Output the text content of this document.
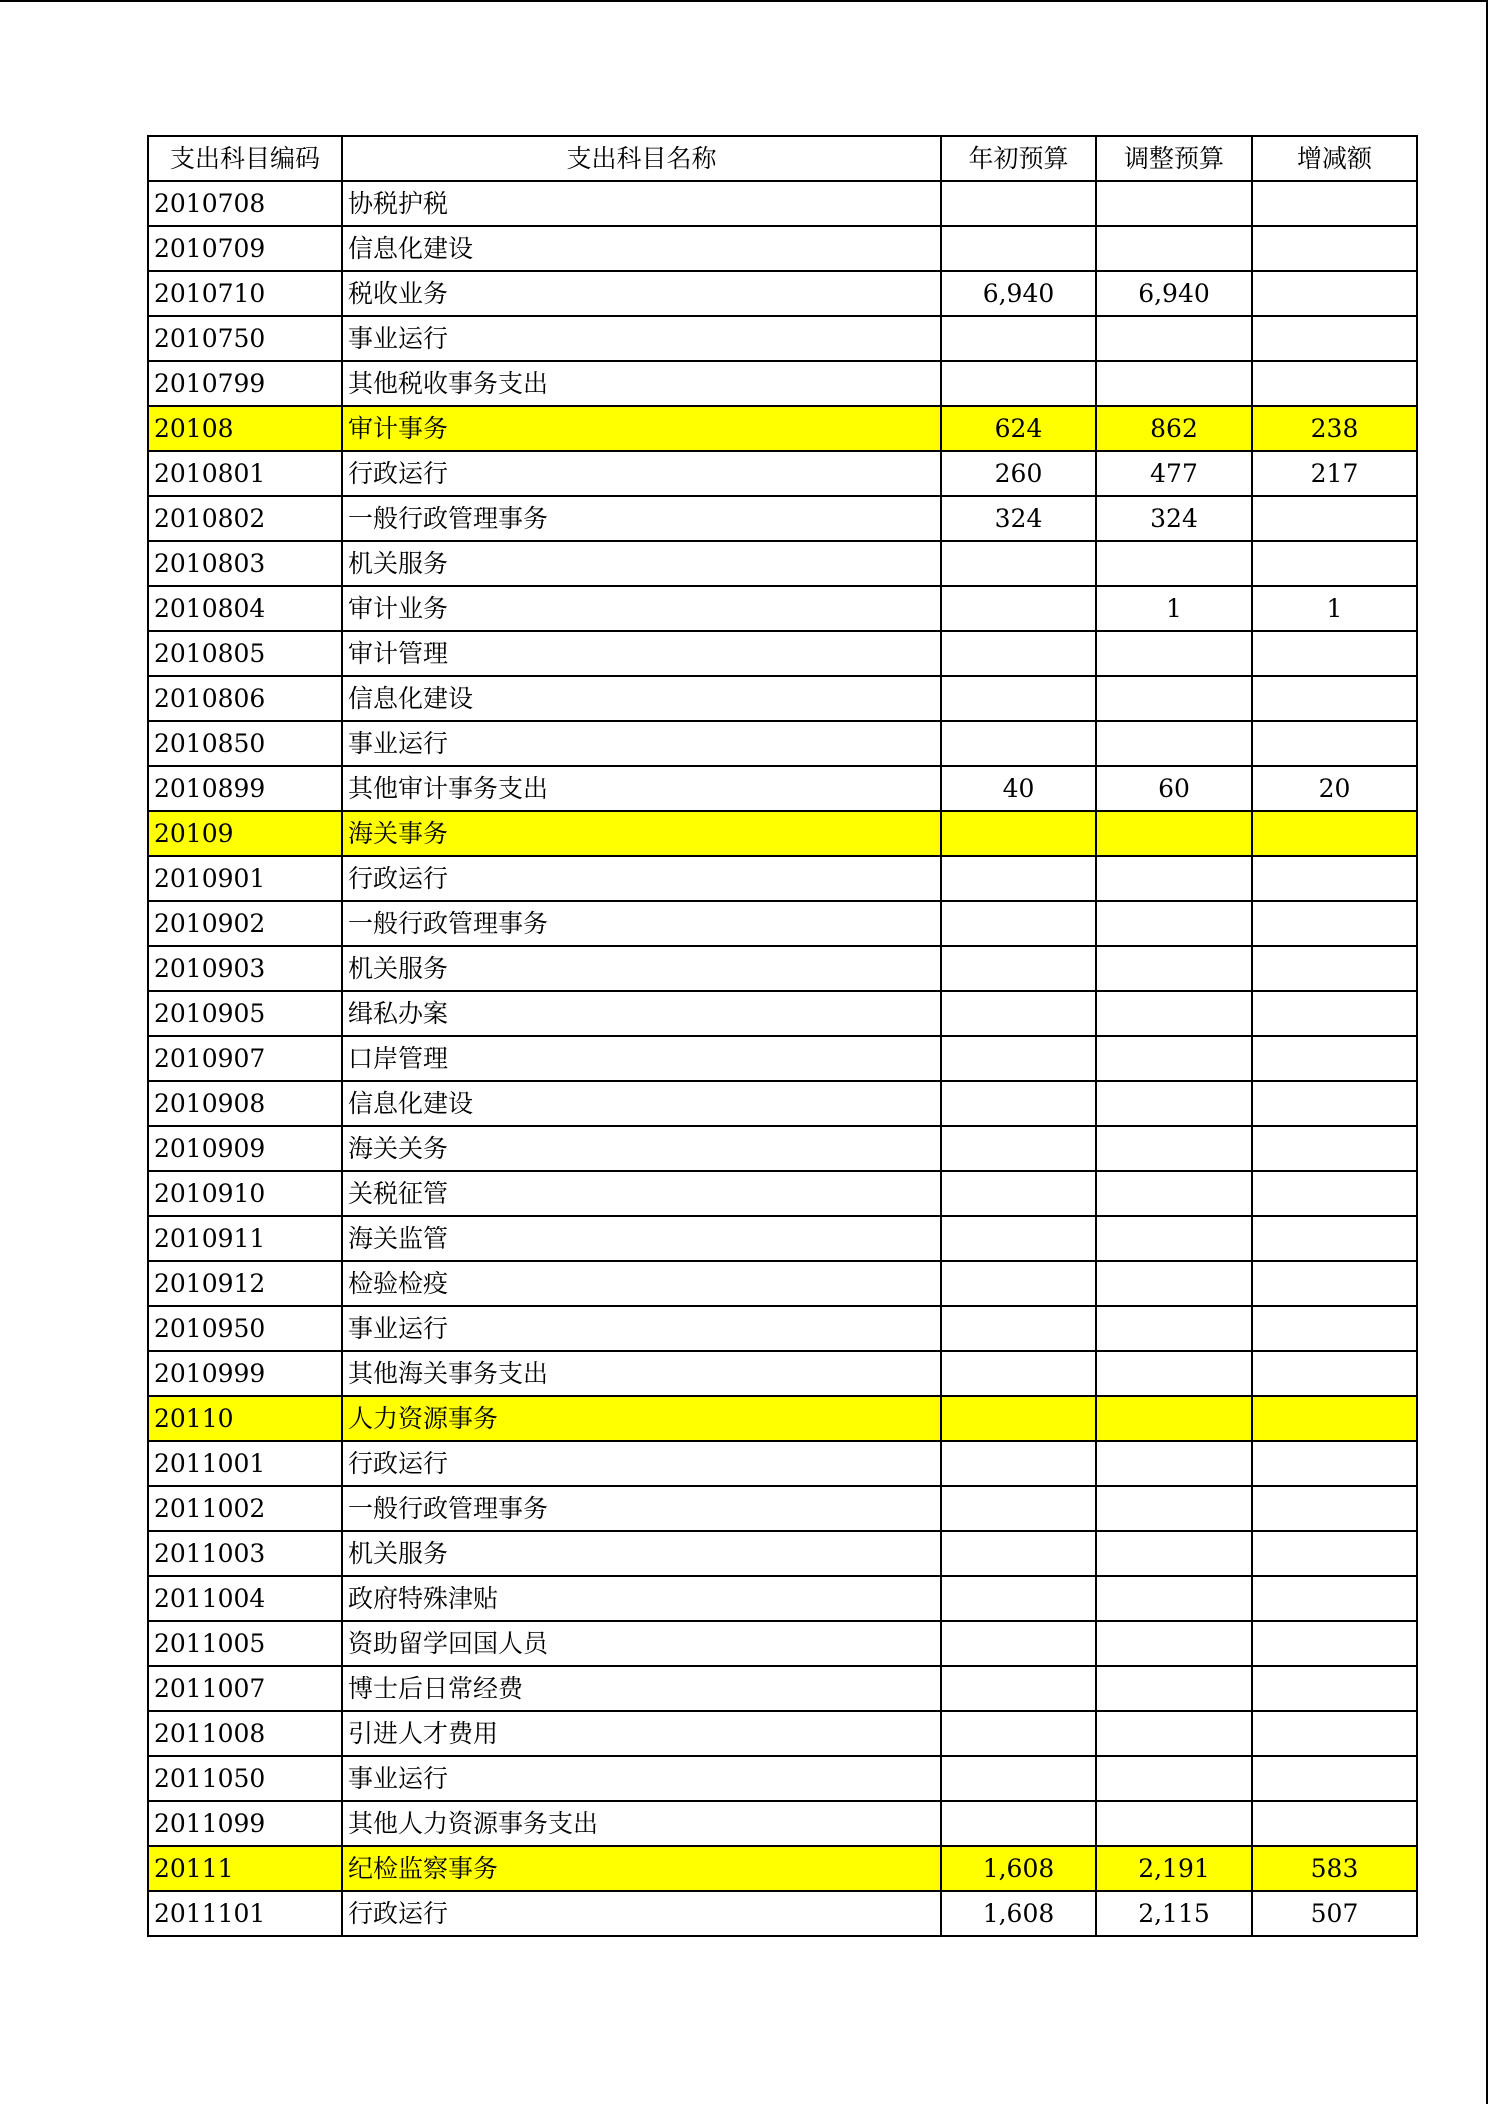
支出科目编码	支出科目名称	年初预算	调整预算	增减额
2010708	协税护税			
2010709	信息化建设			
2010710	税收业务	6,940	6,940	
2010750	事业运行			
2010799	其他税收事务支出			
20108	审计事务	624	862	238
2010801	行政运行	260	477	217
2010802	一般行政管理事务	324	324	
2010803	机关服务			
2010804	审计业务		1	1
2010805	审计管理			
2010806	信息化建设			
2010850	事业运行			
2010899	其他审计事务支出	40	60	20
20109	海关事务			
2010901	行政运行			
2010902	一般行政管理事务			
2010903	机关服务			
2010905	缉私办案			
2010907	口岸管理			
2010908	信息化建设			
2010909	海关关务			
2010910	关税征管			
2010911	海关监管			
2010912	检验检疫			
2010950	事业运行			
2010999	其他海关事务支出			
20110	人力资源事务			
2011001	行政运行			
2011002	一般行政管理事务			
2011003	机关服务			
2011004	政府特殊津贴			
2011005	资助留学回国人员			
2011007	博士后日常经费			
2011008	引进人才费用			
2011050	事业运行			
2011099	其他人力资源事务支出			
20111	纪检监察事务	1,608	2,191	583
2011101	行政运行	1,608	2,115	507
